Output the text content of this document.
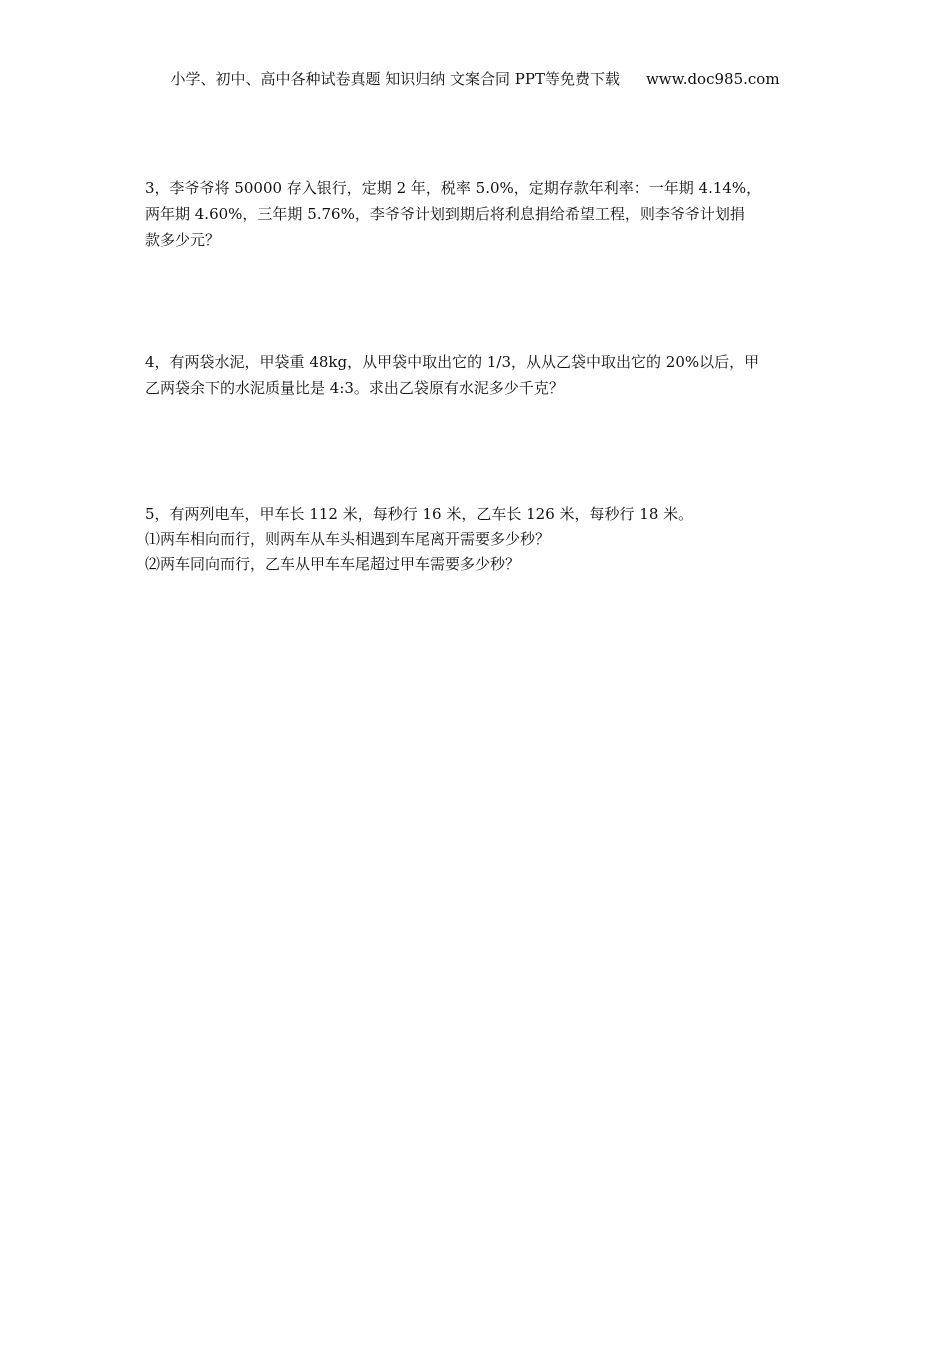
小学、初中、高中各种试卷真题 知识归纳 文案合同 PPT等免费下载 www.doc985.com

3，李爷爷将 50000 存入银行，定期 2 年，税率 5.0%，定期存款年利率：一年期 4.14%，

两年期 4.60%，三年期 5.76%，李爷爷计划到期后将利息捐给希望工程，则李爷爷计划捐

款多少元？

4，有两袋水泥，甲袋重 48kg，从甲袋中取出它的 1/3，从从乙袋中取出它的 20%以后，甲

乙两袋余下的水泥质量比是 4:3。求出乙袋原有水泥多少千克？

5，有两列电车，甲车长 112 米，每秒行 16 米，乙车长 126 米，每秒行 18 米。

⑴两车相向而行，则两车从车头相遇到车尾离开需要多少秒？

⑵两车同向而行，乙车从甲车车尾超过甲车需要多少秒？
